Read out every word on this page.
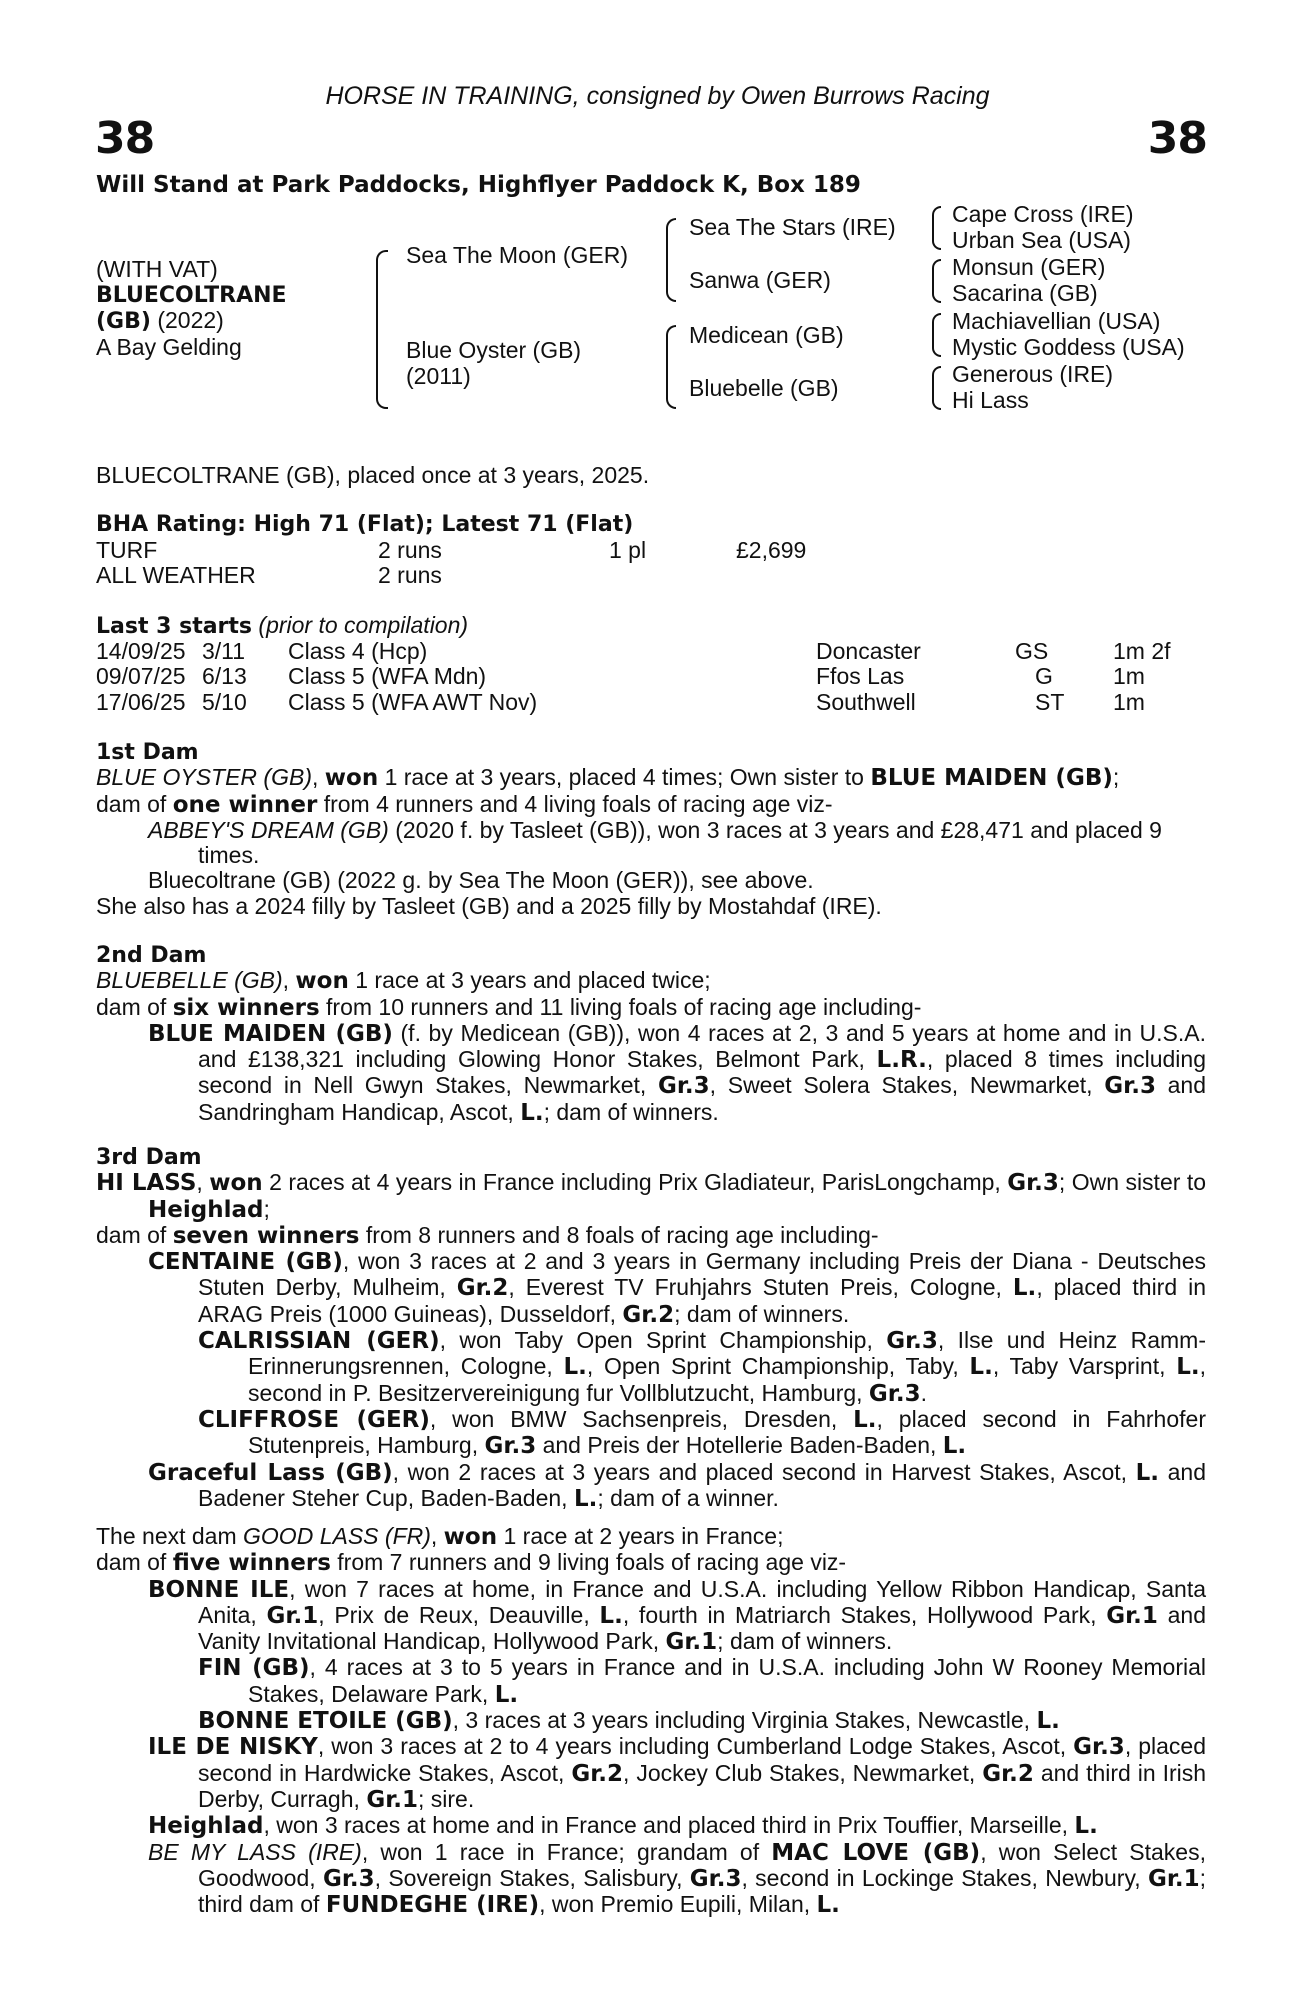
HORSE IN TRAINING, consigned by Owen Burrows Racing
38	38
Will Stand at Park Paddocks, Highflyer Paddock K, Box 189
(WITH VAT)
BLUECOLTRANE
(GB) (2022)
A Bay Gelding
Sea The Moon (GER)
Blue Oyster (GB)
(2011)
Sea The Stars (IRE)
Sanwa (GER)
Medicean (GB)
Bluebelle (GB)
Cape Cross (IRE)
Urban Sea (USA)
Monsun (GER)
Sacarina (GB)
Machiavellian (USA)
Mystic Goddess (USA)
Generous (IRE)
Hi Lass
BLUECOLTRANE (GB), placed once at 3 years, 2025.
BHA Rating: High 71 (Flat); Latest 71 (Flat)
TURF	2 runs	1 pl	£2,699
ALL WEATHER	2 runs
Last 3 starts (prior to compilation)
14/09/25 3/11 Class 4 (Hcp)	Doncaster	GS	1m 2f
09/07/25 6/13 Class 5 (WFA Mdn)	Ffos Las	G	1m
17/06/25 5/10 Class 5 (WFA AWT Nov)	Southwell	ST 1m

1st Dam

BLUE OYSTER (GB), won 1 race at 3 years, placed 4 times; Own sister to BLUE MAIDEN (GB);

dam of one winner from 4 runners and 4 living foals of racing age viz-

ABBEY'S DREAM (GB) (2020 f. by Tasleet (GB)), won 3 races at 3 years and £28,471 and placed 9 times.

Bluecoltrane (GB) (2022 g. by Sea The Moon (GER)), see above.

She also has a 2024 filly by Tasleet (GB) and a 2025 filly by Mostahdaf (IRE).

2nd Dam

BLUEBELLE (GB), won 1 race at 3 years and placed twice;

dam of six winners from 10 runners and 11 living foals of racing age including-

BLUE MAIDEN (GB) (f. by Medicean (GB)), won 4 races at 2, 3 and 5 years at home and in U.S.A. and £138,321 including Glowing Honor Stakes, Belmont Park, L.R., placed 8 times including second in Nell Gwyn Stakes, Newmarket, Gr.3, Sweet Solera Stakes, Newmarket, Gr.3 and Sandringham Handicap, Ascot, L.; dam of winners.

3rd Dam

HI LASS, won 2 races at 4 years in France including Prix Gladiateur, ParisLongchamp, Gr.3; Own sister to Heighlad;

dam of seven winners from 8 runners and 8 foals of racing age including-

CENTAINE (GB), won 3 races at 2 and 3 years in Germany including Preis der Diana - Deutsches Stuten Derby, Mulheim, Gr.2, Everest TV Fruhjahrs Stuten Preis, Cologne, L., placed third in ARAG Preis (1000 Guineas), Dusseldorf, Gr.2; dam of winners.

CALRISSIAN (GER), won Taby Open Sprint Championship, Gr.3, Ilse und Heinz Ramm-Erinnerungsrennen, Cologne, L., Open Sprint Championship, Taby, L., Taby Varsprint, L., second in P. Besitzervereinigung fur Vollblutzucht, Hamburg, Gr.3.

CLIFFROSE (GER), won BMW Sachsenpreis, Dresden, L., placed second in Fahrhofer Stutenpreis, Hamburg, Gr.3 and Preis der Hotellerie Baden-Baden, L.

Graceful Lass (GB), won 2 races at 3 years and placed second in Harvest Stakes, Ascot, L. and Badener Steher Cup, Baden-Baden, L.; dam of a winner.

The next dam GOOD LASS (FR), won 1 race at 2 years in France;

dam of five winners from 7 runners and 9 living foals of racing age viz-

BONNE ILE, won 7 races at home, in France and U.S.A. including Yellow Ribbon Handicap, Santa Anita, Gr.1, Prix de Reux, Deauville, L., fourth in Matriarch Stakes, Hollywood Park, Gr.1 and Vanity Invitational Handicap, Hollywood Park, Gr.1; dam of winners.

FIN (GB), 4 races at 3 to 5 years in France and in U.S.A. including John W Rooney Memorial Stakes, Delaware Park, L.

BONNE ETOILE (GB), 3 races at 3 years including Virginia Stakes, Newcastle, L.

ILE DE NISKY, won 3 races at 2 to 4 years including Cumberland Lodge Stakes, Ascot, Gr.3, placed second in Hardwicke Stakes, Ascot, Gr.2, Jockey Club Stakes, Newmarket, Gr.2 and third in Irish Derby, Curragh, Gr.1; sire.

Heighlad, won 3 races at home and in France and placed third in Prix Touffier, Marseille, L.

BE MY LASS (IRE), won 1 race in France; grandam of MAC LOVE (GB), won Select Stakes, Goodwood, Gr.3, Sovereign Stakes, Salisbury, Gr.3, second in Lockinge Stakes, Newbury, Gr.1; third dam of FUNDEGHE (IRE), won Premio Eupili, Milan, L.
